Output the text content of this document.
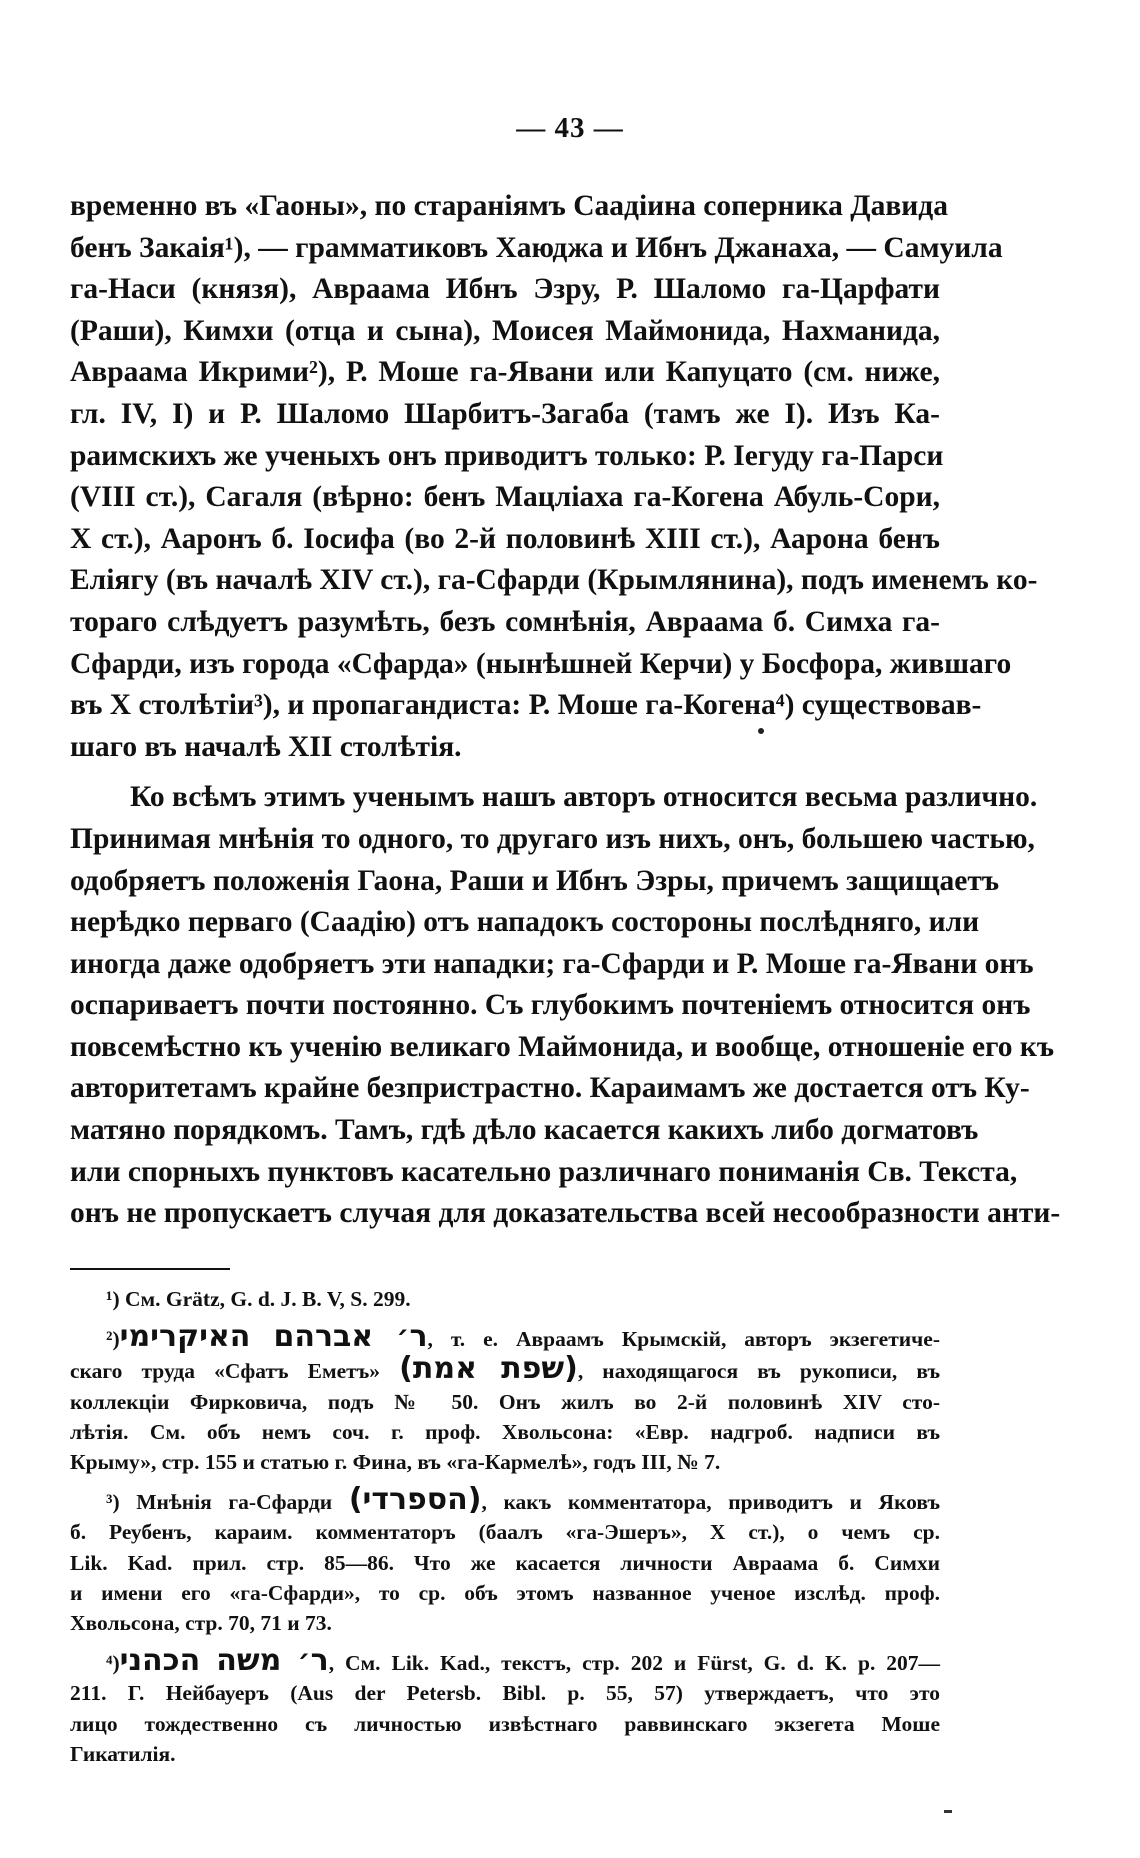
— 43 —
временно въ «Гаоны», по стараніямъ Саадіина соперника Давида
бенъ Закаія¹), — грамматиковъ Хаюджа и Ибнъ Джанаха, — Самуила
га-Наси (князя), Авраама Ибнъ Эзру, Р. Шаломо га-Царфати
(Раши), Кимхи (отца и сына), Моисея Маймонида, Нахманида,
Авраама Икрими²), Р. Моше га-Явани или Капуцато (см. ниже,
гл. IV, I) и Р. Шаломо Шарбитъ-Загаба (тамъ же I). Изъ Ка-
раимскихъ же ученыхъ онъ приводитъ только: Р. Іегуду га-Парси
(VIII ст.), Сагаля (вѣрно: бенъ Мацліаха га-Когена Абуль-Сори,
X ст.), Ааронъ б. Іосифа (во 2-й половинѣ XIII ст.), Аарона бенъ
Еліягу (въ началѣ XIV ст.), га-Сфарди (Крымлянина), подъ именемъ ко-
тораго слѣдуетъ разумѣть, безъ сомнѣнія, Авраама б. Симха га-
Сфарди, изъ города «Сфарда» (нынѣшней Керчи) у Босфора, жившаго
въ X столѣтіи³), и пропагандиста: Р. Моше га-Когена⁴) существовав-
шаго въ началѣ XII столѣтія.
Ко всѣмъ этимъ ученымъ нашъ авторъ относится весьма различно.
Принимая мнѣнія то одного, то другаго изъ нихъ, онъ, большею частью,
одобряетъ положенія Гаона, Раши и Ибнъ Эзры, причемъ защищаетъ
нерѣдко перваго (Саадію) отъ нападокъ состороны послѣдняго, или
иногда даже одобряетъ эти нападки; га-Сфарди и Р. Моше га-Явани онъ
оспариваетъ почти постоянно. Съ глубокимъ почтеніемъ относится онъ
повсемѣстно къ ученію великаго Маймонида, и вообще, отношеніе его къ
авторитетамъ крайне безпристрастно. Караимамъ же достается отъ Ку-
матяно порядкомъ. Тамъ, гдѣ дѣло касается какихъ либо догматовъ
или спорныхъ пунктовъ касательно различнаго пониманія Св. Текста,
онъ не пропускаетъ случая для доказательства всей несообразности анти-
¹) См. Grätz, G. d. J. B. V, S. 299.
²)ר׳ אברהם האיקרימי, т. е. Авраамъ Крымскій, авторъ экзегетиче-
скаго труда «Сфатъ Еметъ» (שפת אמת), находящагося въ рукописи, въ
коллекціи Фирковича, подъ № 50. Онъ жилъ во 2-й половинѣ XIV сто-
лѣтія. См. объ немъ соч. г. проф. Хвольсона: «Евр. надгроб. надписи въ
Крыму», стр. 155 и статью г. Фина, въ «га-Кармелѣ», годъ III, № 7.
³) Мнѣнія га-Сфарди (הספרדי), какъ комментатора, приводитъ и Яковъ
б. Реубенъ, караим. комментаторъ (баалъ «га-Эшеръ», X ст.), о чемъ ср.
Lik. Kad. прил. стр. 85—86. Что же касается личности Авраама б. Симхи
и имени его «га-Сфарди», то ср. объ этомъ названное ученое изслѣд. проф.
Хвольсона, стр. 70, 71 и 73.
⁴)ר׳ משה הכהני, См. Lik. Kad., текстъ, стр. 202 и Fürst, G. d. K. p. 207—
211. Г. Нейбауеръ (Aus der Petersb. Bibl. p. 55, 57) утверждаетъ, что это
лицо тождественно съ личностью извѣстнаго раввинскаго экзегета Моше
Гикатилія.
